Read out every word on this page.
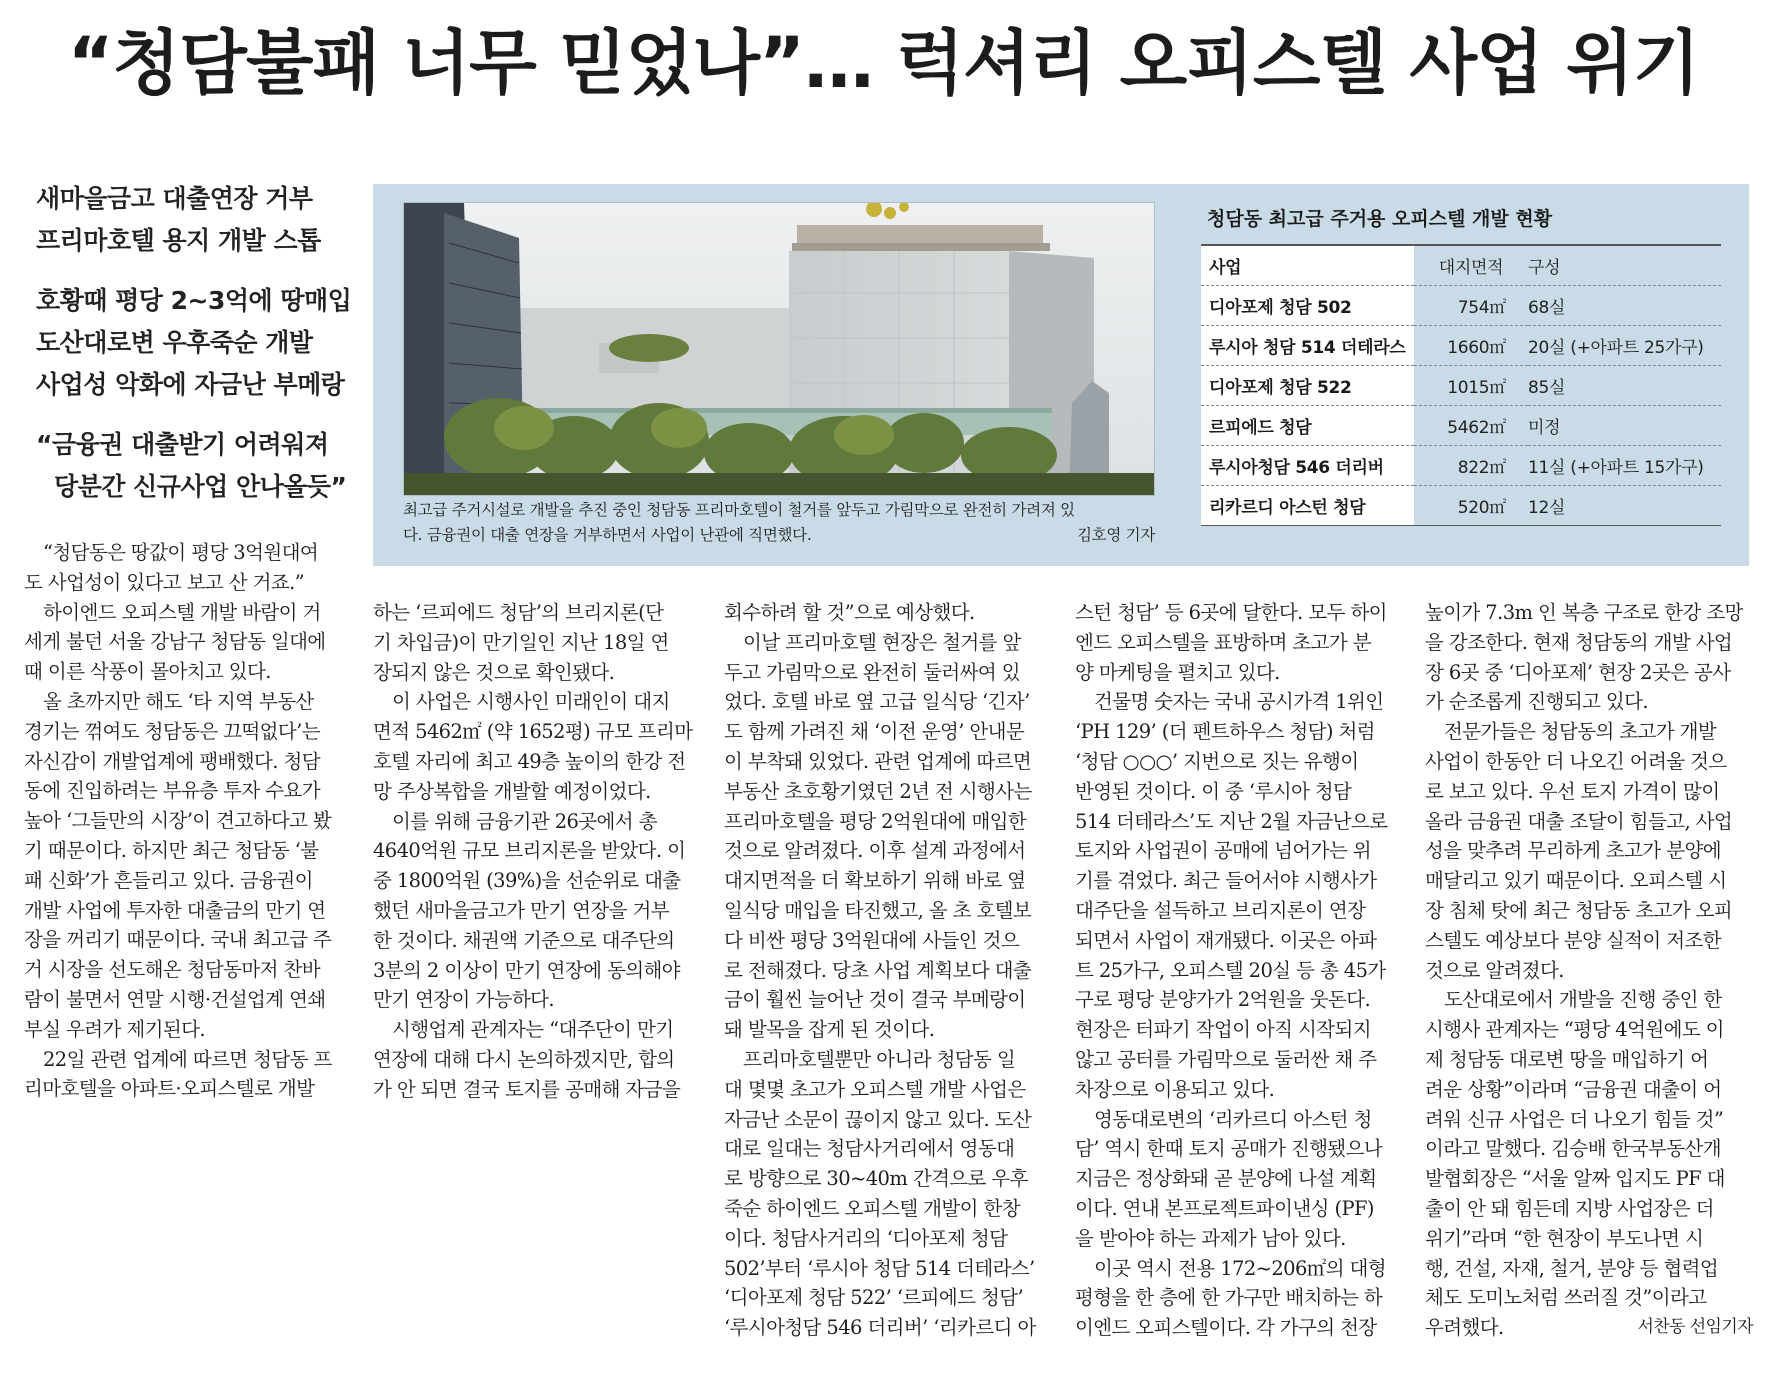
“청담불패 너무 믿었나”… 럭셔리 오피스텔 사업 위기

새마을금고 대출연장 거부

프리마호텔 용지 개발 스톱

호황때 평당 2~3억에 땅매입

도산대로변 우후죽순 개발

사업성 악화에 자금난 부메랑

“금융권 대출받기 어려워져

당분간 신규사업 안나올듯”

최고급 주거시설로 개발을 추진 중인 청담동 프리마호텔이 철거를 앞두고 가림막으로 완전히 가려져 있
다. 금융권이 대출 연장을 거부하면서 사업이 난관에 직면했다.	김호영 기자
청담동 최고급 주거용 오피스텔 개발 현황
사업	대지면적	구성
디아포제 청담 502	754㎡	68실
루시아 청담 514 더테라스	1660㎡	20실 (+아파트 25가구)
디아포제 청담 522	1015㎡	85실
르피에드 청담	5462㎡	미정
루시아청담 546 더리버	822㎡	11실 (+아파트 15가구)
리카르디 아스턴 청담	520㎡	12실

“청담동은 땅값이 평당 3억원대여

도 사업성이 있다고 보고 산 거죠.”

하이엔드 오피스텔 개발 바람이 거

세게 불던 서울 강남구 청담동 일대에

때 이른 삭풍이 몰아치고 있다.

올 초까지만 해도 ‘타 지역 부동산

경기는 꺾여도 청담동은 끄떡없다’는

자신감이 개발업계에 팽배했다. 청담

동에 진입하려는 부유층 투자 수요가

높아 ‘그들만의 시장’이 견고하다고 봤

기 때문이다. 하지만 최근 청담동 ‘불

패 신화’가 흔들리고 있다. 금융권이

개발 사업에 투자한 대출금의 만기 연

장을 꺼리기 때문이다. 국내 최고급 주

거 시장을 선도해온 청담동마저 찬바

람이 불면서 연말 시행·건설업계 연쇄

부실 우려가 제기된다.

22일 관련 업계에 따르면 청담동 프

리마호텔을 아파트·오피스텔로 개발

하는 ‘르피에드 청담’의 브리지론(단

기 차입금)이 만기일인 지난 18일 연

장되지 않은 것으로 확인됐다.

이 사업은 시행사인 미래인이 대지

면적 5462㎡ (약 1652평) 규모 프리마

호텔 자리에 최고 49층 높이의 한강 전

망 주상복합을 개발할 예정이었다.

이를 위해 금융기관 26곳에서 총

4640억원 규모 브리지론을 받았다. 이

중 1800억원 (39%)을 선순위로 대출

했던 새마을금고가 만기 연장을 거부

한 것이다. 채권액 기준으로 대주단의

3분의 2 이상이 만기 연장에 동의해야

만기 연장이 가능하다.

시행업계 관계자는 “대주단이 만기

연장에 대해 다시 논의하겠지만, 합의

가 안 되면 결국 토지를 공매해 자금을

회수하려 할 것”으로 예상했다.

이날 프리마호텔 현장은 철거를 앞

두고 가림막으로 완전히 둘러싸여 있

었다. 호텔 바로 옆 고급 일식당 ‘긴자’

도 함께 가려진 채 ‘이전 운영’ 안내문

이 부착돼 있었다. 관련 업계에 따르면

부동산 초호황기였던 2년 전 시행사는

프리마호텔을 평당 2억원대에 매입한

것으로 알려졌다. 이후 설계 과정에서

대지면적을 더 확보하기 위해 바로 옆

일식당 매입을 타진했고, 올 초 호텔보

다 비싼 평당 3억원대에 사들인 것으

로 전해졌다. 당초 사업 계획보다 대출

금이 훨씬 늘어난 것이 결국 부메랑이

돼 발목을 잡게 된 것이다.

프리마호텔뿐만 아니라 청담동 일

대 몇몇 초고가 오피스텔 개발 사업은

자금난 소문이 끊이지 않고 있다. 도산

대로 일대는 청담사거리에서 영동대

로 방향으로 30~40m 간격으로 우후

죽순 하이엔드 오피스텔 개발이 한창

이다. 청담사거리의 ‘디아포제 청담

502’부터 ‘루시아 청담 514 더테라스’

‘디아포제 청담 522’ ‘르피에드 청담’

‘루시아청담 546 더리버’ ‘리카르디 아

스턴 청담’ 등 6곳에 달한다. 모두 하이

엔드 오피스텔을 표방하며 초고가 분

양 마케팅을 펼치고 있다.

건물명 숫자는 국내 공시가격 1위인

‘PH 129’ (더 펜트하우스 청담) 처럼

‘청담 ○○○’ 지번으로 짓는 유행이

반영된 것이다. 이 중 ‘루시아 청담

514 더테라스’도 지난 2월 자금난으로

토지와 사업권이 공매에 넘어가는 위

기를 겪었다. 최근 들어서야 시행사가

대주단을 설득하고 브리지론이 연장

되면서 사업이 재개됐다. 이곳은 아파

트 25가구, 오피스텔 20실 등 총 45가

구로 평당 분양가가 2억원을 웃돈다.

현장은 터파기 작업이 아직 시작되지

않고 공터를 가림막으로 둘러싼 채 주

차장으로 이용되고 있다.

영동대로변의 ‘리카르디 아스턴 청

담’ 역시 한때 토지 공매가 진행됐으나

지금은 정상화돼 곧 분양에 나설 계획

이다. 연내 본프로젝트파이낸싱 (PF)

을 받아야 하는 과제가 남아 있다.

이곳 역시 전용 172~206㎡의 대형

평형을 한 층에 한 가구만 배치하는 하

이엔드 오피스텔이다. 각 가구의 천장

높이가 7.3m 인 복층 구조로 한강 조망

을 강조한다. 현재 청담동의 개발 사업

장 6곳 중 ‘디아포제’ 현장 2곳은 공사

가 순조롭게 진행되고 있다.

전문가들은 청담동의 초고가 개발

사업이 한동안 더 나오긴 어려울 것으

로 보고 있다. 우선 토지 가격이 많이

올라 금융권 대출 조달이 힘들고, 사업

성을 맞추려 무리하게 초고가 분양에

매달리고 있기 때문이다. 오피스텔 시

장 침체 탓에 최근 청담동 초고가 오피

스텔도 예상보다 분양 실적이 저조한

것으로 알려졌다.

도산대로에서 개발을 진행 중인 한

시행사 관계자는 “평당 4억원에도 이

제 청담동 대로변 땅을 매입하기 어

려운 상황”이라며 “금융권 대출이 어

려워 신규 사업은 더 나오기 힘들 것”

이라고 말했다. 김승배 한국부동산개

발협회장은 “서울 알짜 입지도 PF 대

출이 안 돼 힘든데 지방 사업장은 더

위기”라며 “한 현장이 부도나면 시

행, 건설, 자재, 철거, 분양 등 협력업

체도 도미노처럼 쓰러질 것”이라고

우려했다.	서찬동 선임기자
